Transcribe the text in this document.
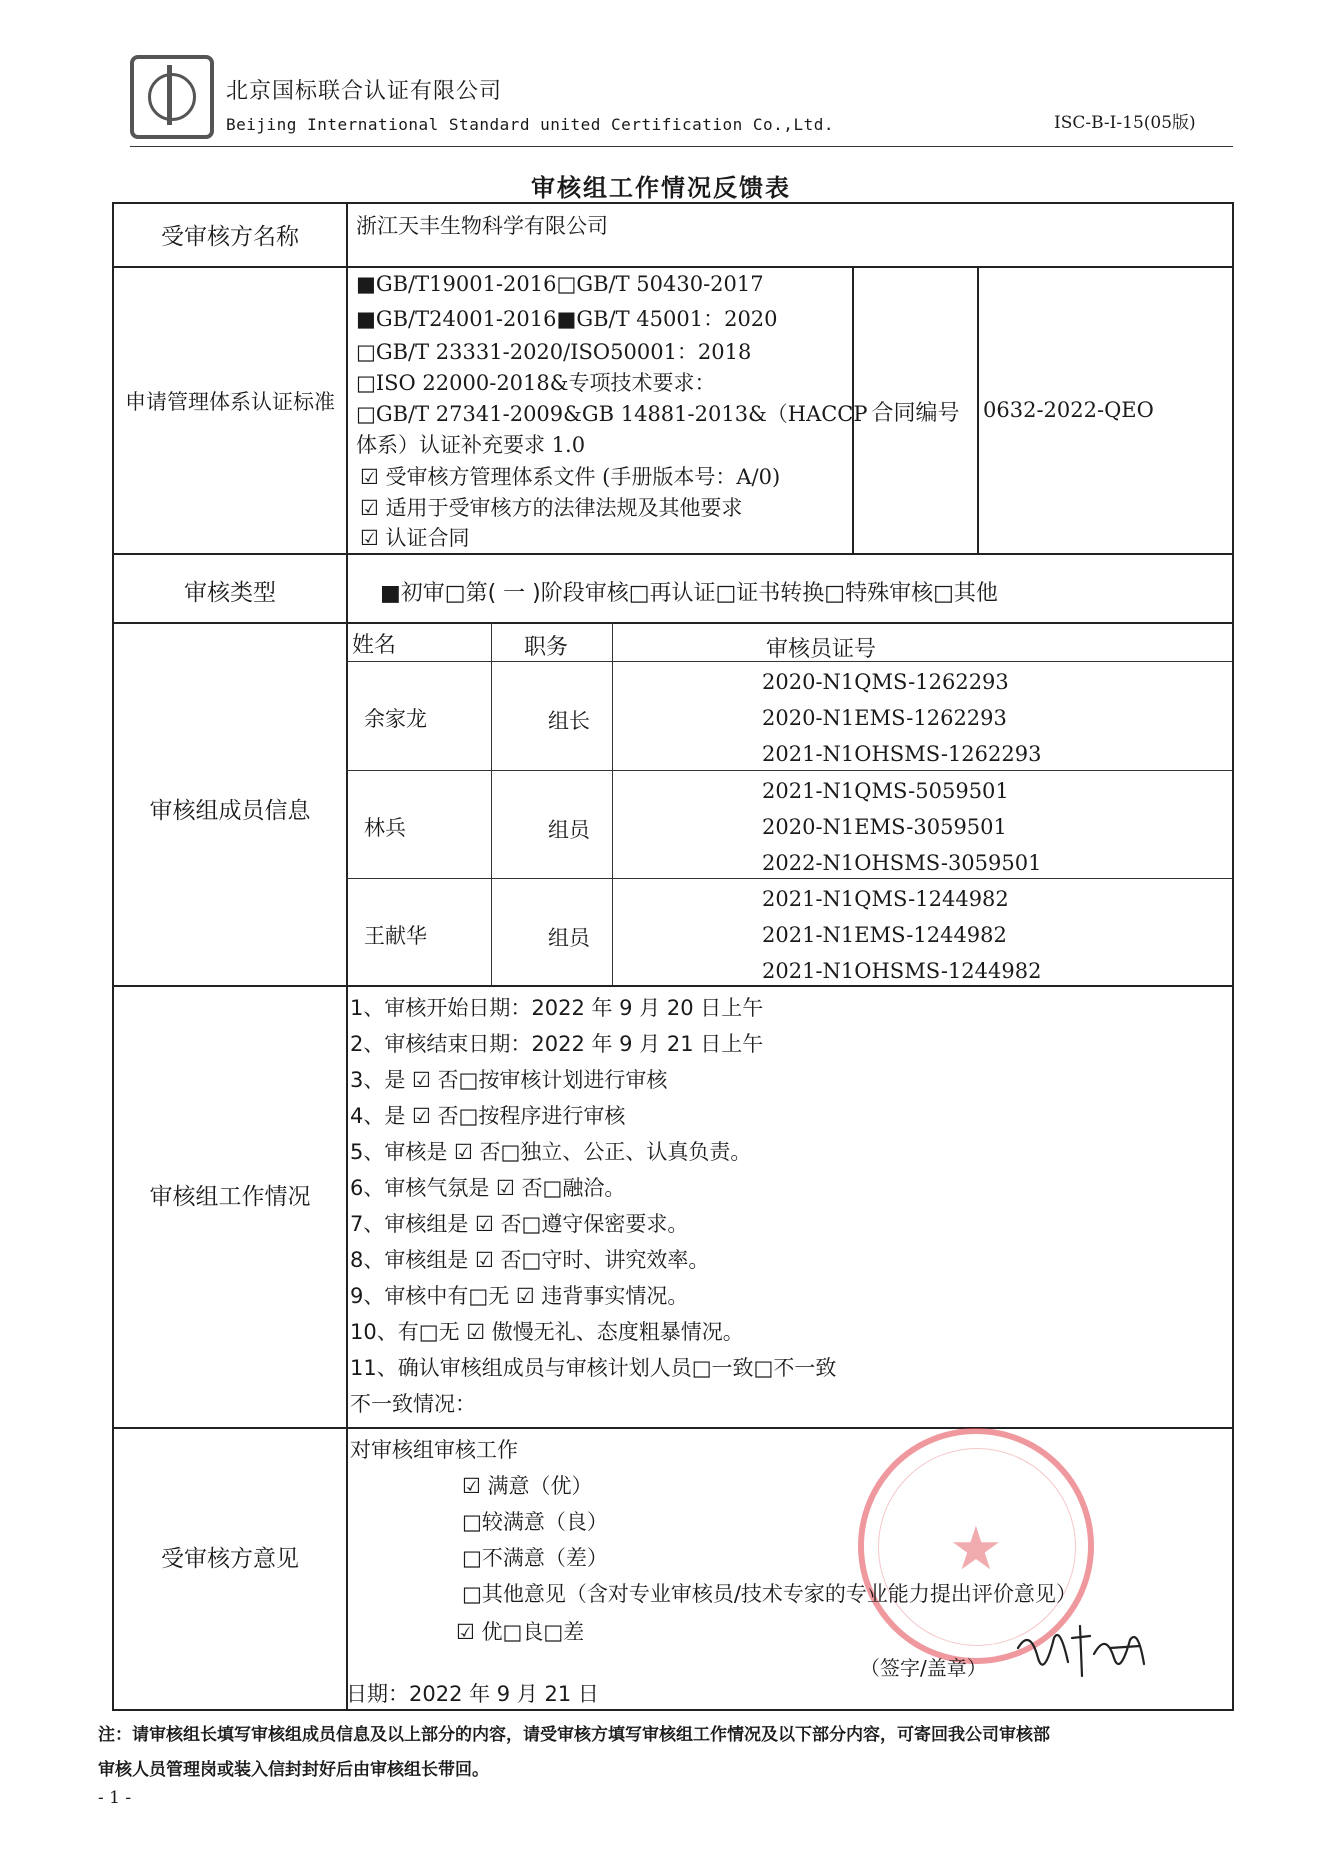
北京国标联合认证有限公司
Beijing International Standard united Certification Co.,Ltd.	ISC-B-I-15(05版)
审核组工作情况反馈表
受审核方名称	浙江天丰生物科学有限公司
申请管理体系认证标准
■GB/T19001-2016□GB/T 50430-2017
■GB/T24001-2016■GB/T 45001：2020
□GB/T 23331-2020/ISO50001：2018
□ISO 22000-2018&专项技术要求：
□GB/T 27341-2009&GB 14881-2013&（HACCP
体系）认证补充要求 1.0
☑ 受审核方管理体系文件 (手册版本号：A/0)
☑ 适用于受审核方的法律法规及其他要求
☑ 认证合同
合同编号	0632-2022-QEO
审核类型	■初审□第( 一 )阶段审核□再认证□证书转换□特殊审核□其他
审核组成员信息
姓名	职务	审核员证号
余家龙	组长
2020-N1QMS-1262293
2020-N1EMS-1262293
2021-N1OHSMS-1262293
林兵	组员
2021-N1QMS-5059501
2020-N1EMS-3059501
2022-N1OHSMS-3059501
王献华	组员
2021-N1QMS-1244982
2021-N1EMS-1244982
2021-N1OHSMS-1244982
审核组工作情况
1、审核开始日期：2022 年 9 月 20 日上午
2、审核结束日期：2022 年 9 月 21 日上午
3、是 ☑ 否□按审核计划进行审核
4、是 ☑ 否□按程序进行审核
5、审核是 ☑ 否□独立、公正、认真负责。
6、审核气氛是 ☑ 否□融洽。
7、审核组是 ☑ 否□遵守保密要求。
8、审核组是 ☑ 否□守时、讲究效率。
9、审核中有□无 ☑ 违背事实情况。
10、有□无 ☑ 傲慢无礼、态度粗暴情况。
11、确认审核组成员与审核计划人员□一致□不一致
不一致情况：
受审核方意见	★
对审核组审核工作
☑ 满意（优）
□较满意（良）
□不满意（差）
□其他意见（含对专业审核员/技术专家的专业能力提出评价意见）
☑ 优□良□差
（签字/盖章）
日期：2022 年 9 月 21 日
注：请审核组长填写审核组成员信息及以上部分的内容，请受审核方填写审核组工作情况及以下部分内容，可寄回我公司审核部
审核人员管理岗或装入信封封好后由审核组长带回。
- 1 -
